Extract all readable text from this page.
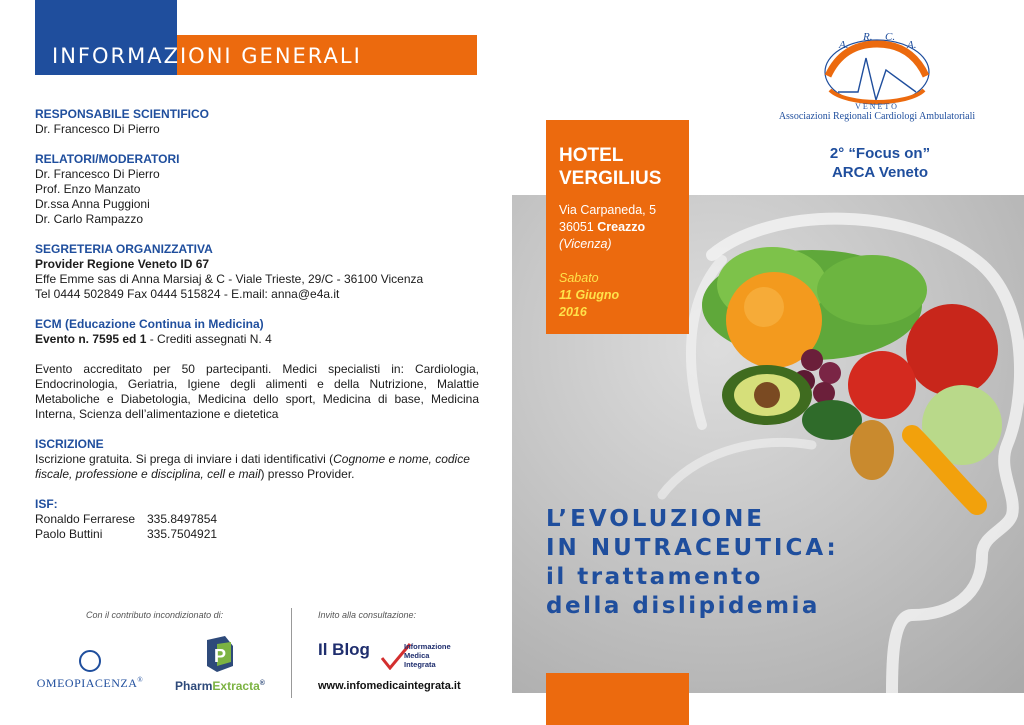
INFORMAZIONI GENERALI
RESPONSABILE SCIENTIFICO
Dr. Francesco Di Pierro
RELATORI/MODERATORI
Dr. Francesco Di Pierro
Prof. Enzo Manzato
Dr.ssa Anna Puggioni
Dr. Carlo Rampazzo
SEGRETERIA ORGANIZZATIVA
Provider Regione Veneto ID 67
Effe Emme sas di Anna Marsiaj & C - Viale Trieste, 29/C - 36100 Vicenza
Tel 0444 502849 Fax 0444 515824 - E.mail: anna@e4a.it
ECM (Educazione Continua in Medicina)
Evento n. 7595 ed 1 - Crediti assegnati N. 4
Evento accreditato per 50 partecipanti. Medici specialisti in: Cardiologia, Endocrinologia, Geriatria, Igiene degli alimenti e della Nutrizione, Malattie Metaboliche e Diabetologia, Medicina dello sport, Medicina di base, Medicina Interna, Scienza dell’alimentazione e dietetica
ISCRIZIONE
Iscrizione gratuita. Si prega di inviare i dati identificativi (Cognome e nome, codice fiscale, professione e disciplina, cell e mail) presso Provider.
ISF:
Ronaldo Ferrarese 335.8497854
Paolo Buttini	335.7504921
Con il contributo incondizionato di:	Invito alla consultazione:
OMEOPIACENZA®
P
PharmExtracta®
Il Blog	Informazione
Medica
Integrata
www.infomedicaintegrata.it
A.
R. C.
A.
VENETO
Associazioni Regionali Cardiologi Ambulatoriali
2° “Focus on”
ARCA Veneto
HOTEL
VERGILIUS
Via Carpaneda, 5
36051 Creazzo
(Vicenza)
Sabato
11 Giugno
2016
L’EVOLUZIONE
IN NUTRACEUTICA:
il trattamento
della dislipidemia
